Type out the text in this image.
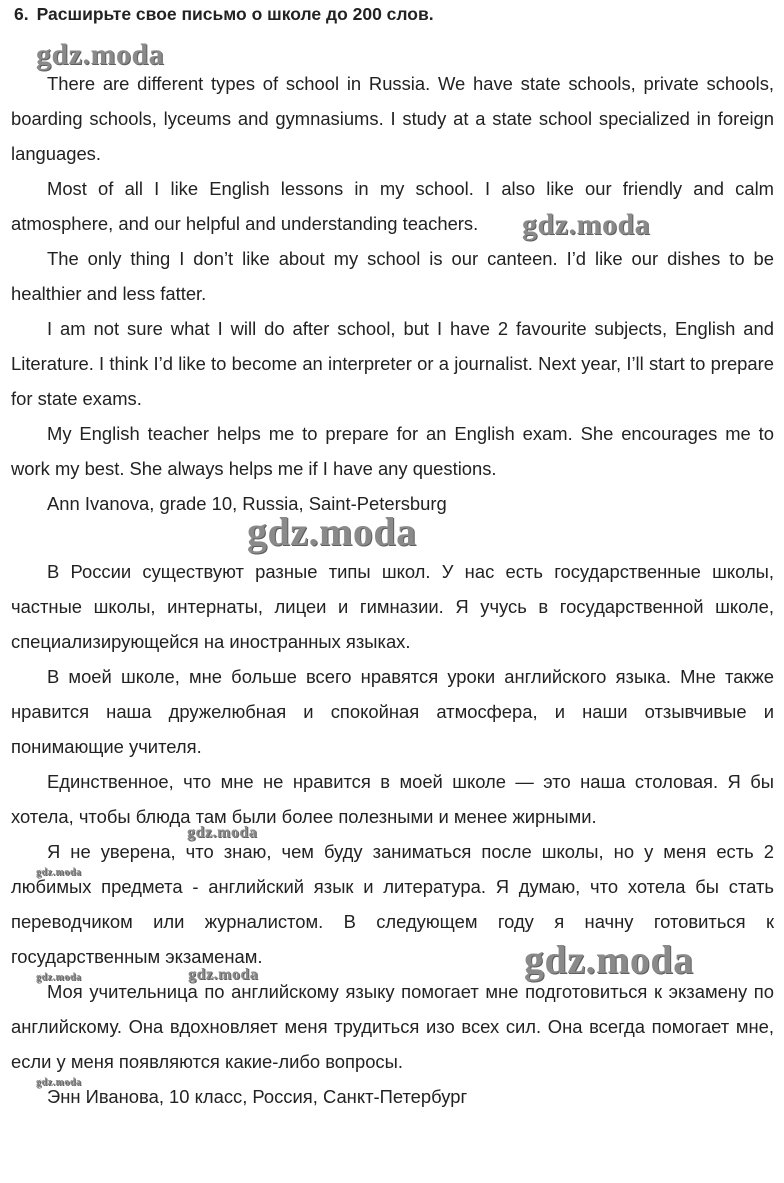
6. Расширьте свое письмо о школе до 200 слов.

There are different types of school in Russia. We have state schools, private schools, boarding schools, lyceums and gymnasiums. I study at a state school specialized in foreign languages.

Most of all I like English lessons in my school. I also like our friendly and calm atmosphere, and our helpful and understanding teachers.

The only thing I don’t like about my school is our canteen. I’d like our dishes to be healthier and less fatter.

I am not sure what I will do after school, but I have 2 favourite subjects, English and Literature. I think I’d like to become an interpreter or a journalist. Next year, I’ll start to prepare for state exams.

My English teacher helps me to prepare for an English exam. She encourages me to work my best. She always helps me if I have any questions.

Ann Ivanova, grade 10, Russia, Saint-Petersburg

В России существуют разные типы школ. У нас есть государственные школы, частные школы, интернаты, лицеи и гимназии. Я учусь в государственной школе, специализирующейся на иностранных языках.

В моей школе, мне больше всего нравятся уроки английского языка. Мне также нравится наша дружелюбная и спокойная атмосфера, и наши отзывчивые и понимающие учителя.

Единственное, что мне не нравится в моей школе — это наша столовая. Я бы хотела, чтобы блюда там были более полезными и менее жирными.

Я не уверена, что знаю, чем буду заниматься после школы, но у меня есть 2 любимых предмета - английский язык и литература. Я думаю, что хотела бы стать переводчиком или журналистом. В следующем году я начну готовиться к государственным экзаменам.

Моя учительница по английскому языку помогает мне подготовиться к экзамену по английскому. Она вдохновляет меня трудиться изо всех сил. Она всегда помогает мне, если у меня появляются какие-либо вопросы.

Энн Иванова, 10 класс, Россия, Санкт-Петербург

gdz.moda
gdz.moda
gdz.moda
gdz.moda
gdz.moda
gdz.moda
gdz.moda
gdz.moda
gdz.moda
